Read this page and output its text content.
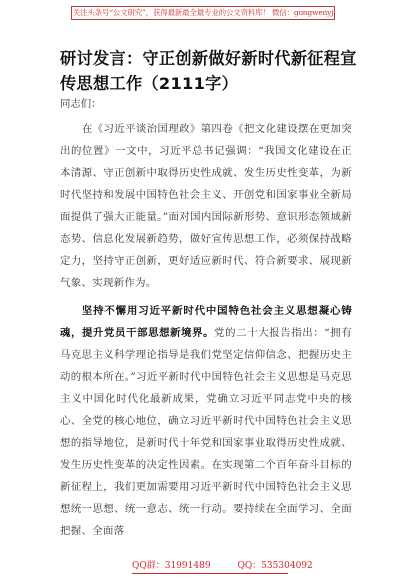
关注头条号“公文研究”，获得最新最全最专业的公文资料库！ 微信：gongwenyj
研讨发言：守正创新做好新时代新征程宣传思想工作（2111字）
同志们：

在《习近平谈治国理政》第四卷《把文化建设摆在更加突出的位置》一文中，习近平总书记强调：“我国文化建设在正本清源、守正创新中取得历史性成就、发生历史性变革，为新时代坚持和发展中国特色社会主义、开创党和国家事业全新局面提供了强大正能量。”面对国内国际新形势、意识形态领域新态势、信息化发展新趋势，做好宣传思想工作，必须保持战略定力，坚持守正创新，更好适应新时代、符合新要求、展现新气象、实现新作为。

坚持不懈用习近平新时代中国特色社会主义思想凝心铸魂，提升党员干部思想新境界。党的二十大报告指出：“拥有马克思主义科学理论指导是我们党坚定信仰信念、把握历史主动的根本所在。”习近平新时代中国特色社会主义思想是马克思主义中国化时代化最新成果，党确立习近平同志党中央的核心、全党的核心地位，确立习近平新时代中国特色社会主义思想的指导地位，是新时代十年党和国家事业取得历史性成就、发生历史性变革的决定性因素。在实现第二个百年奋斗目标的新征程上，我们更加需要用习近平新时代中国特色社会主义思想统一思想、统一意志、统一行动。要持续在全面学习、全面把握、全面落

QQ群：31991489	QQ：535304092
